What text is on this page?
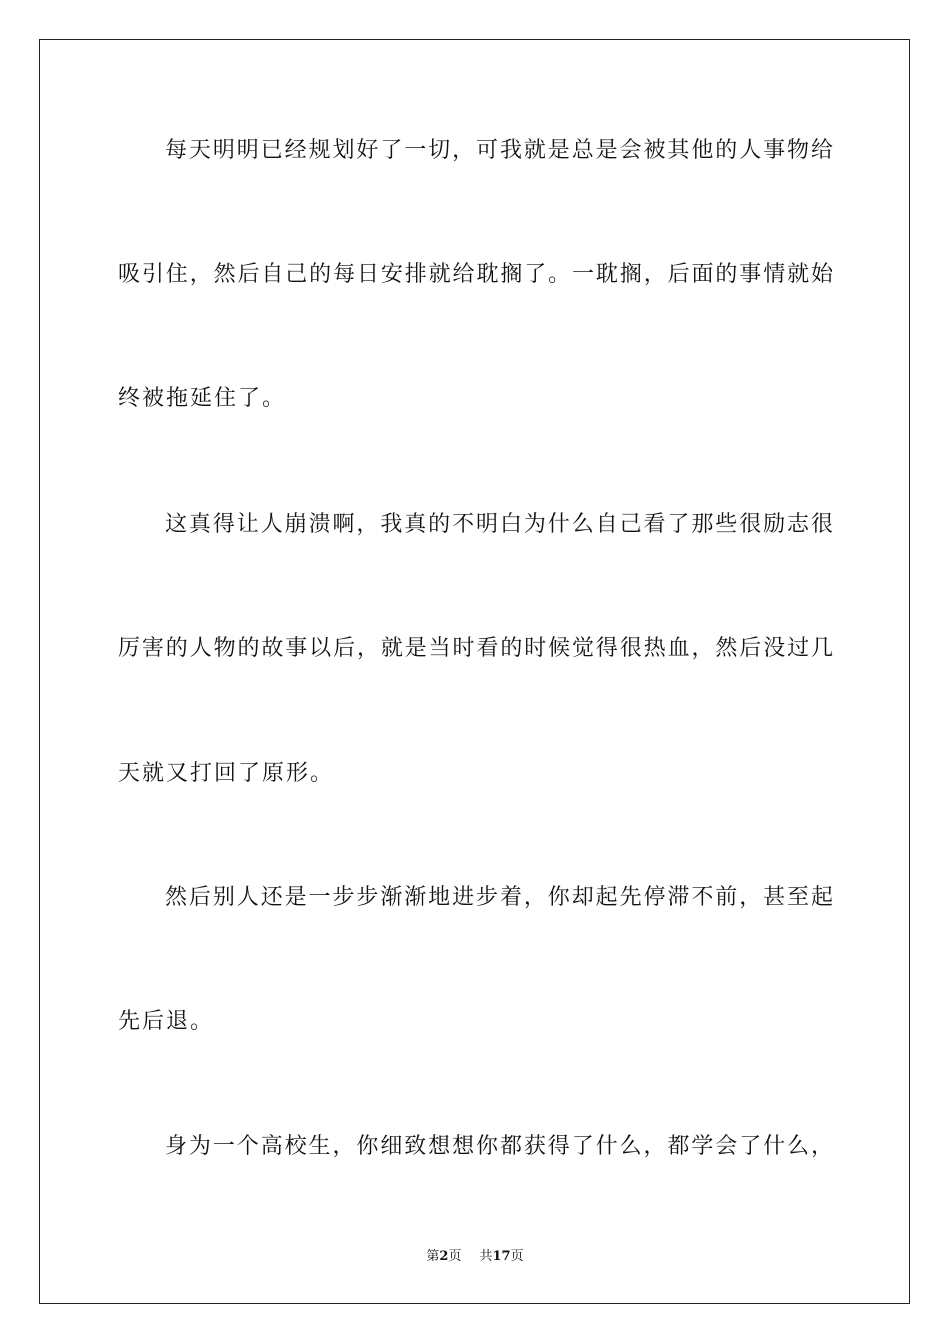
每天明明已经规划好了一切，可我就是总是会被其他的人事物给
吸引住，然后自己的每日安排就给耽搁了。一耽搁，后面的事情就始
终被拖延住了。
这真得让人崩溃啊，我真的不明白为什么自己看了那些很励志很
厉害的人物的故事以后，就是当时看的时候觉得很热血，然后没过几
天就又打回了原形。
然后别人还是一步步渐渐地进步着，你却起先停滞不前，甚至起
先后退。
身为一个高校生，你细致想想你都获得了什么，都学会了什么，
第2页 共17页
